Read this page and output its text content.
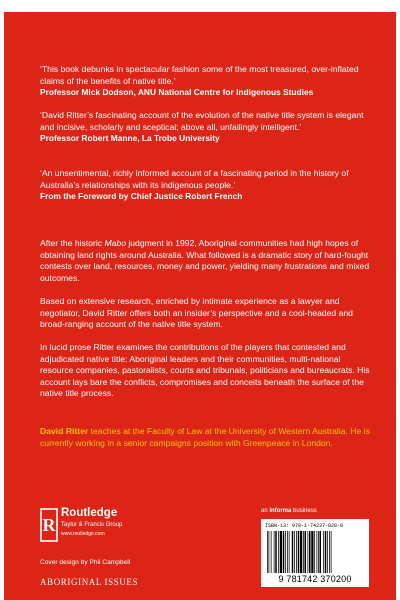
‘This book debunks in spectacular fashion some of the most treasured, over-inflated claims of the benefits of native title.’
Professor Mick Dodson, ANU National Centre for Indigenous Studies
‘David Ritter’s fascinating account of the evolution of the native title system is elegant and incisive, scholarly and sceptical; above all, unfailingly intelligent.’
Professor Robert Manne, La Trobe University
‘An unsentimental, richly informed account of a fascinating period in the history of Australia’s relationships with its indigenous people.’
From the Foreword by Chief Justice Robert French

After the historic Mabo judgment in 1992, Aboriginal communities had high hopes of obtaining land rights around Australia. What followed is a dramatic story of hard-fought contests over land, resources, money and power, yielding many frustrations and mixed outcomes.

Based on extensive research, enriched by intimate experience as a lawyer and negotiator, David Ritter offers both an insider’s perspective and a cool-headed and broad-ranging account of the native title system.

In lucid prose Ritter examines the contributions of the players that contested and adjudicated native title: Aboriginal leaders and their communities, multi-national resource companies, pastoralists, courts and tribunals, politicians and bureaucrats. His account lays bare the conflicts, compromises and conceits beneath the surface of the native title process.

David Ritter teaches at the Faculty of Law at the University of Western Australia. He is currently working in a senior campaigns position with Greenpeace in London.

R
Routledge
Taylor & Francis Group
www.routledge.com
Cover design by Phil Campbell
ABORIGINAL ISSUES
an informa business
ISBN-13: 978-1-74237-020-0
9 781742 370200
